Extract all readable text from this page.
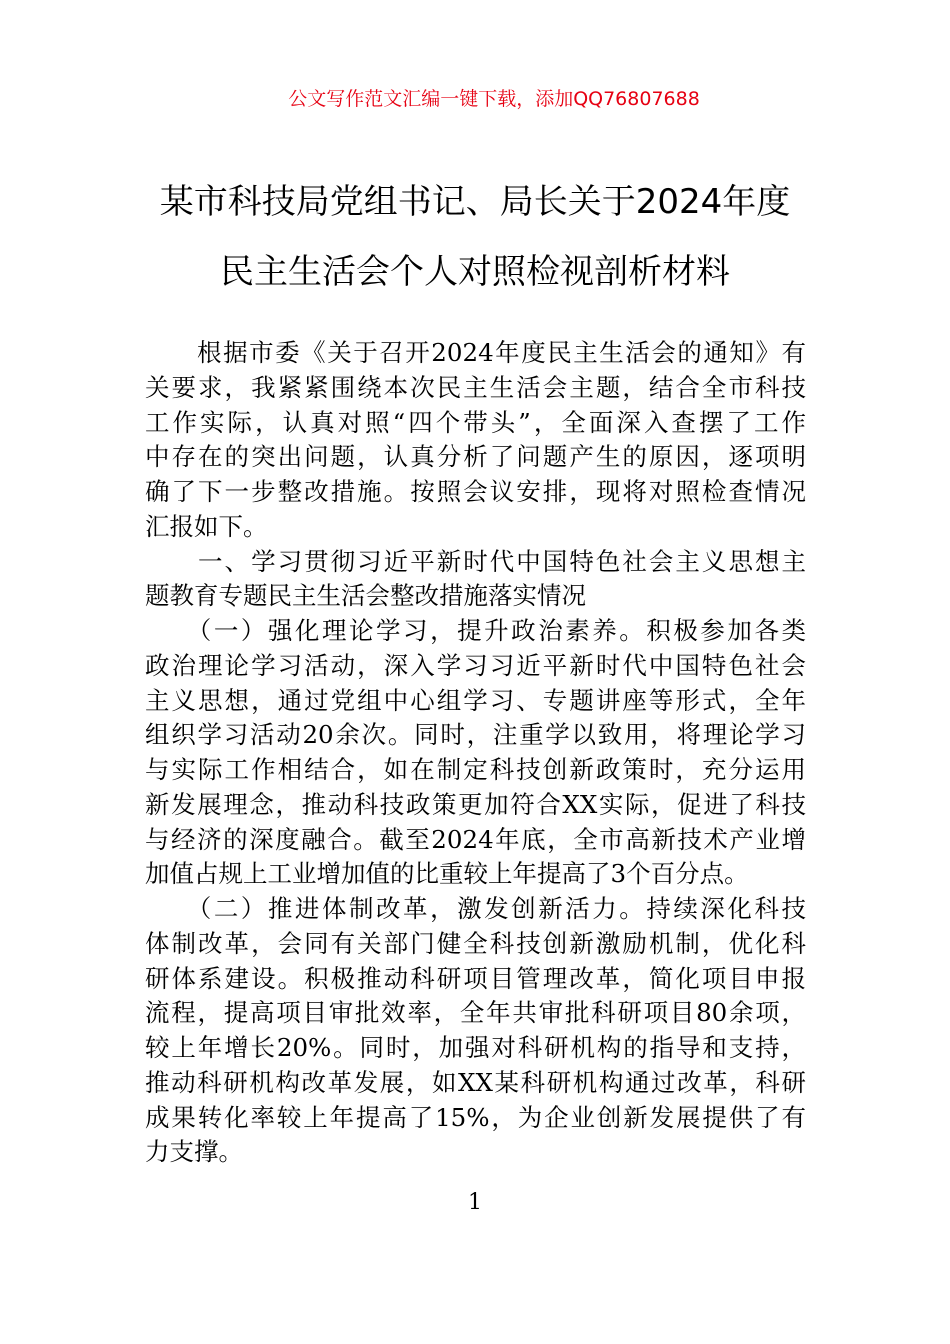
公文写作范文汇编一键下载，添加QQ76807688
某市科技局党组书记、局长关于2024年度
民主生活会个人对照检视剖析材料
　　根据市委《关于召开2024年度民主生活会的通知》有
关要求，我紧紧围绕本次民主生活会主题，结合全市科技
工作实际，认真对照“四个带头”，全面深入查摆了工作
中存在的突出问题，认真分析了问题产生的原因，逐项明
确了下一步整改措施。按照会议安排，现将对照检查情况
汇报如下。
　　一、学习贯彻习近平新时代中国特色社会主义思想主
题教育专题民主生活会整改措施落实情况
　　（一）强化理论学习，提升政治素养。积极参加各类
政治理论学习活动，深入学习习近平新时代中国特色社会
主义思想，通过党组中心组学习、专题讲座等形式，全年
组织学习活动20余次。同时，注重学以致用，将理论学习
与实际工作相结合，如在制定科技创新政策时，充分运用
新发展理念，推动科技政策更加符合XX实际，促进了科技
与经济的深度融合。截至2024年底，全市高新技术产业增
加值占规上工业增加值的比重较上年提高了3个百分点。
　　（二）推进体制改革，激发创新活力。持续深化科技
体制改革，会同有关部门健全科技创新激励机制，优化科
研体系建设。积极推动科研项目管理改革，简化项目申报
流程，提高项目审批效率，全年共审批科研项目80余项，
较上年增长20%。同时，加强对科研机构的指导和支持，
推动科研机构改革发展，如XX某科研机构通过改革，科研
成果转化率较上年提高了15%，为企业创新发展提供了有
力支撑。
1
